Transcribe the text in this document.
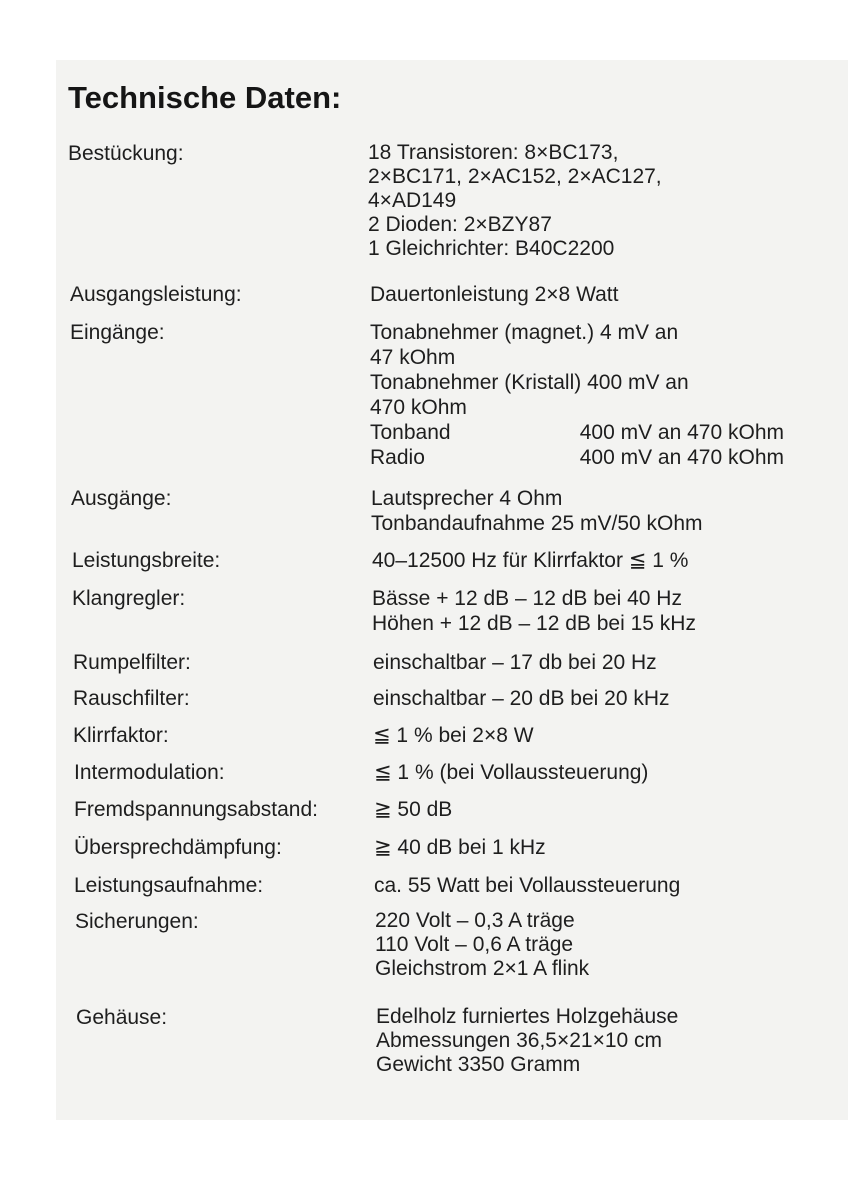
Technische Daten:
Bestückung:	18 Transistoren: 8×BC173,
2×BC171, 2×AC152, 2×AC127,
4×AD149
2 Dioden: 2×BZY87
1 Gleichrichter: B40C2200
Ausgangsleistung:	Dauertonleistung 2×8 Watt
Eingänge:	Tonabnehmer (magnet.) 4 mV an
47 kOhm
Tonabnehmer (Kristall) 400 mV an
470 kOhm
Tonband	400 mV an 470 kOhm
Radio	400 mV an 470 kOhm
Ausgänge:	Lautsprecher 4 Ohm
Tonbandaufnahme 25 mV/50 kOhm
Leistungsbreite:	40–12500 Hz für Klirrfaktor ≦ 1 %
Klangregler:	Bässe + 12 dB – 12 dB bei 40 Hz
Höhen + 12 dB – 12 dB bei 15 kHz
Rumpelfilter:	einschaltbar – 17 db bei 20 Hz
Rauschfilter:	einschaltbar – 20 dB bei 20 kHz
Klirrfaktor:	≦ 1 % bei 2×8 W
Intermodulation:	≦ 1 % (bei Vollaussteuerung)
Fremdspannungsabstand:	≧ 50 dB
Übersprechdämpfung:	≧ 40 dB bei 1 kHz
Leistungsaufnahme:	ca. 55 Watt bei Vollaussteuerung
Sicherungen:	220 Volt – 0,3 A träge
110 Volt – 0,6 A träge
Gleichstrom 2×1 A flink
Gehäuse:	Edelholz furniertes Holzgehäuse
Abmessungen 36,5×21×10 cm
Gewicht 3350 Gramm
